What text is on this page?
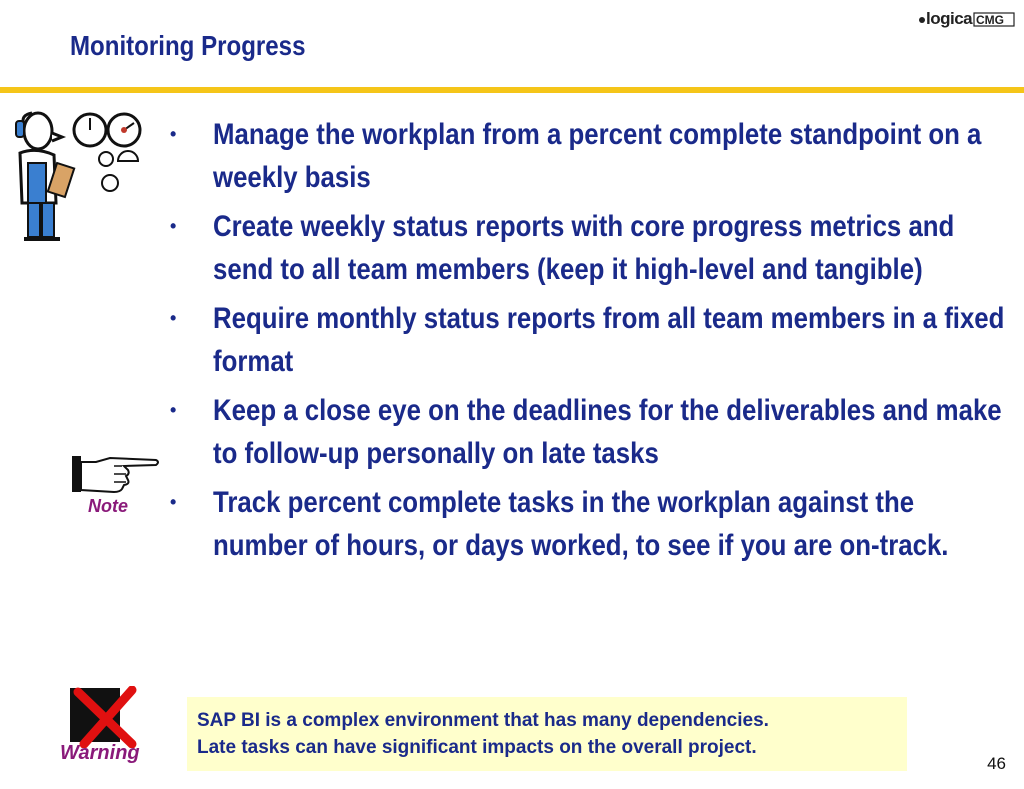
Monitoring Progress
logica CMG
• Manage the workplan from a percent complete standpoint on a weekly basis
• Create weekly status reports with core progress metrics and send to all team members (keep it high-level and tangible)
• Require monthly status reports from all team members in a fixed format
• Keep a close eye on the deadlines for the deliverables and make to follow-up personally on late tasks
• Track percent complete tasks in the workplan against the number of hours, or days worked, to see if you are on-track.
Note
Warning
SAP BI is a complex environment that has many dependencies.
Late tasks can have significant impacts on the overall project.
46
